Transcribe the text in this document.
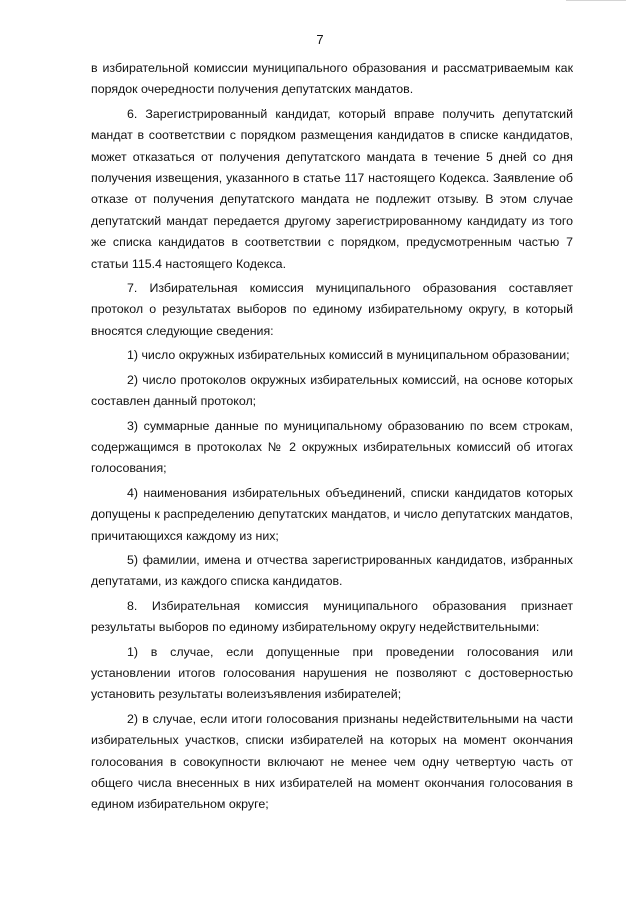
7

в избирательной комиссии муниципального образования и рассматриваемым как порядок очередности получения депутатских мандатов.

6. Зарегистрированный кандидат, который вправе получить депутатский мандат в соответствии с порядком размещения кандидатов в списке кандидатов, может отказаться от получения депутатского мандата в течение 5 дней со дня получения извещения, указанного в статье 117 настоящего Кодекса. Заявление об отказе от получения депутатского мандата не подлежит отзыву. В этом случае депутатский мандат передается другому зарегистрированному кандидату из того же списка кандидатов в соответствии с порядком, предусмотренным частью 7 статьи 115.4 настоящего Кодекса.

7. Избирательная комиссия муниципального образования составляет протокол о результатах выборов по единому избирательному округу, в который вносятся следующие сведения:

1) число окружных избирательных комиссий в муниципальном образовании;

2) число протоколов окружных избирательных комиссий, на основе которых составлен данный протокол;

3) суммарные данные по муниципальному образованию по всем строкам, содержащимся в протоколах № 2 окружных избирательных комиссий об итогах голосования;

4) наименования избирательных объединений, списки кандидатов которых допущены к распределению депутатских мандатов, и число депутатских мандатов, причитающихся каждому из них;

5) фамилии, имена и отчества зарегистрированных кандидатов, избранных депутатами, из каждого списка кандидатов.

8. Избирательная комиссия муниципального образования признает результаты выборов по единому избирательному округу недействительными:

1) в случае, если допущенные при проведении голосования или установлении итогов голосования нарушения не позволяют с достоверностью установить результаты волеизъявления избирателей;

2) в случае, если итоги голосования признаны недействительными на части избирательных участков, списки избирателей на которых на момент окончания голосования в совокупности включают не менее чем одну четвертую часть от общего числа внесенных в них избирателей на момент окончания голосования в едином избирательном округе;
